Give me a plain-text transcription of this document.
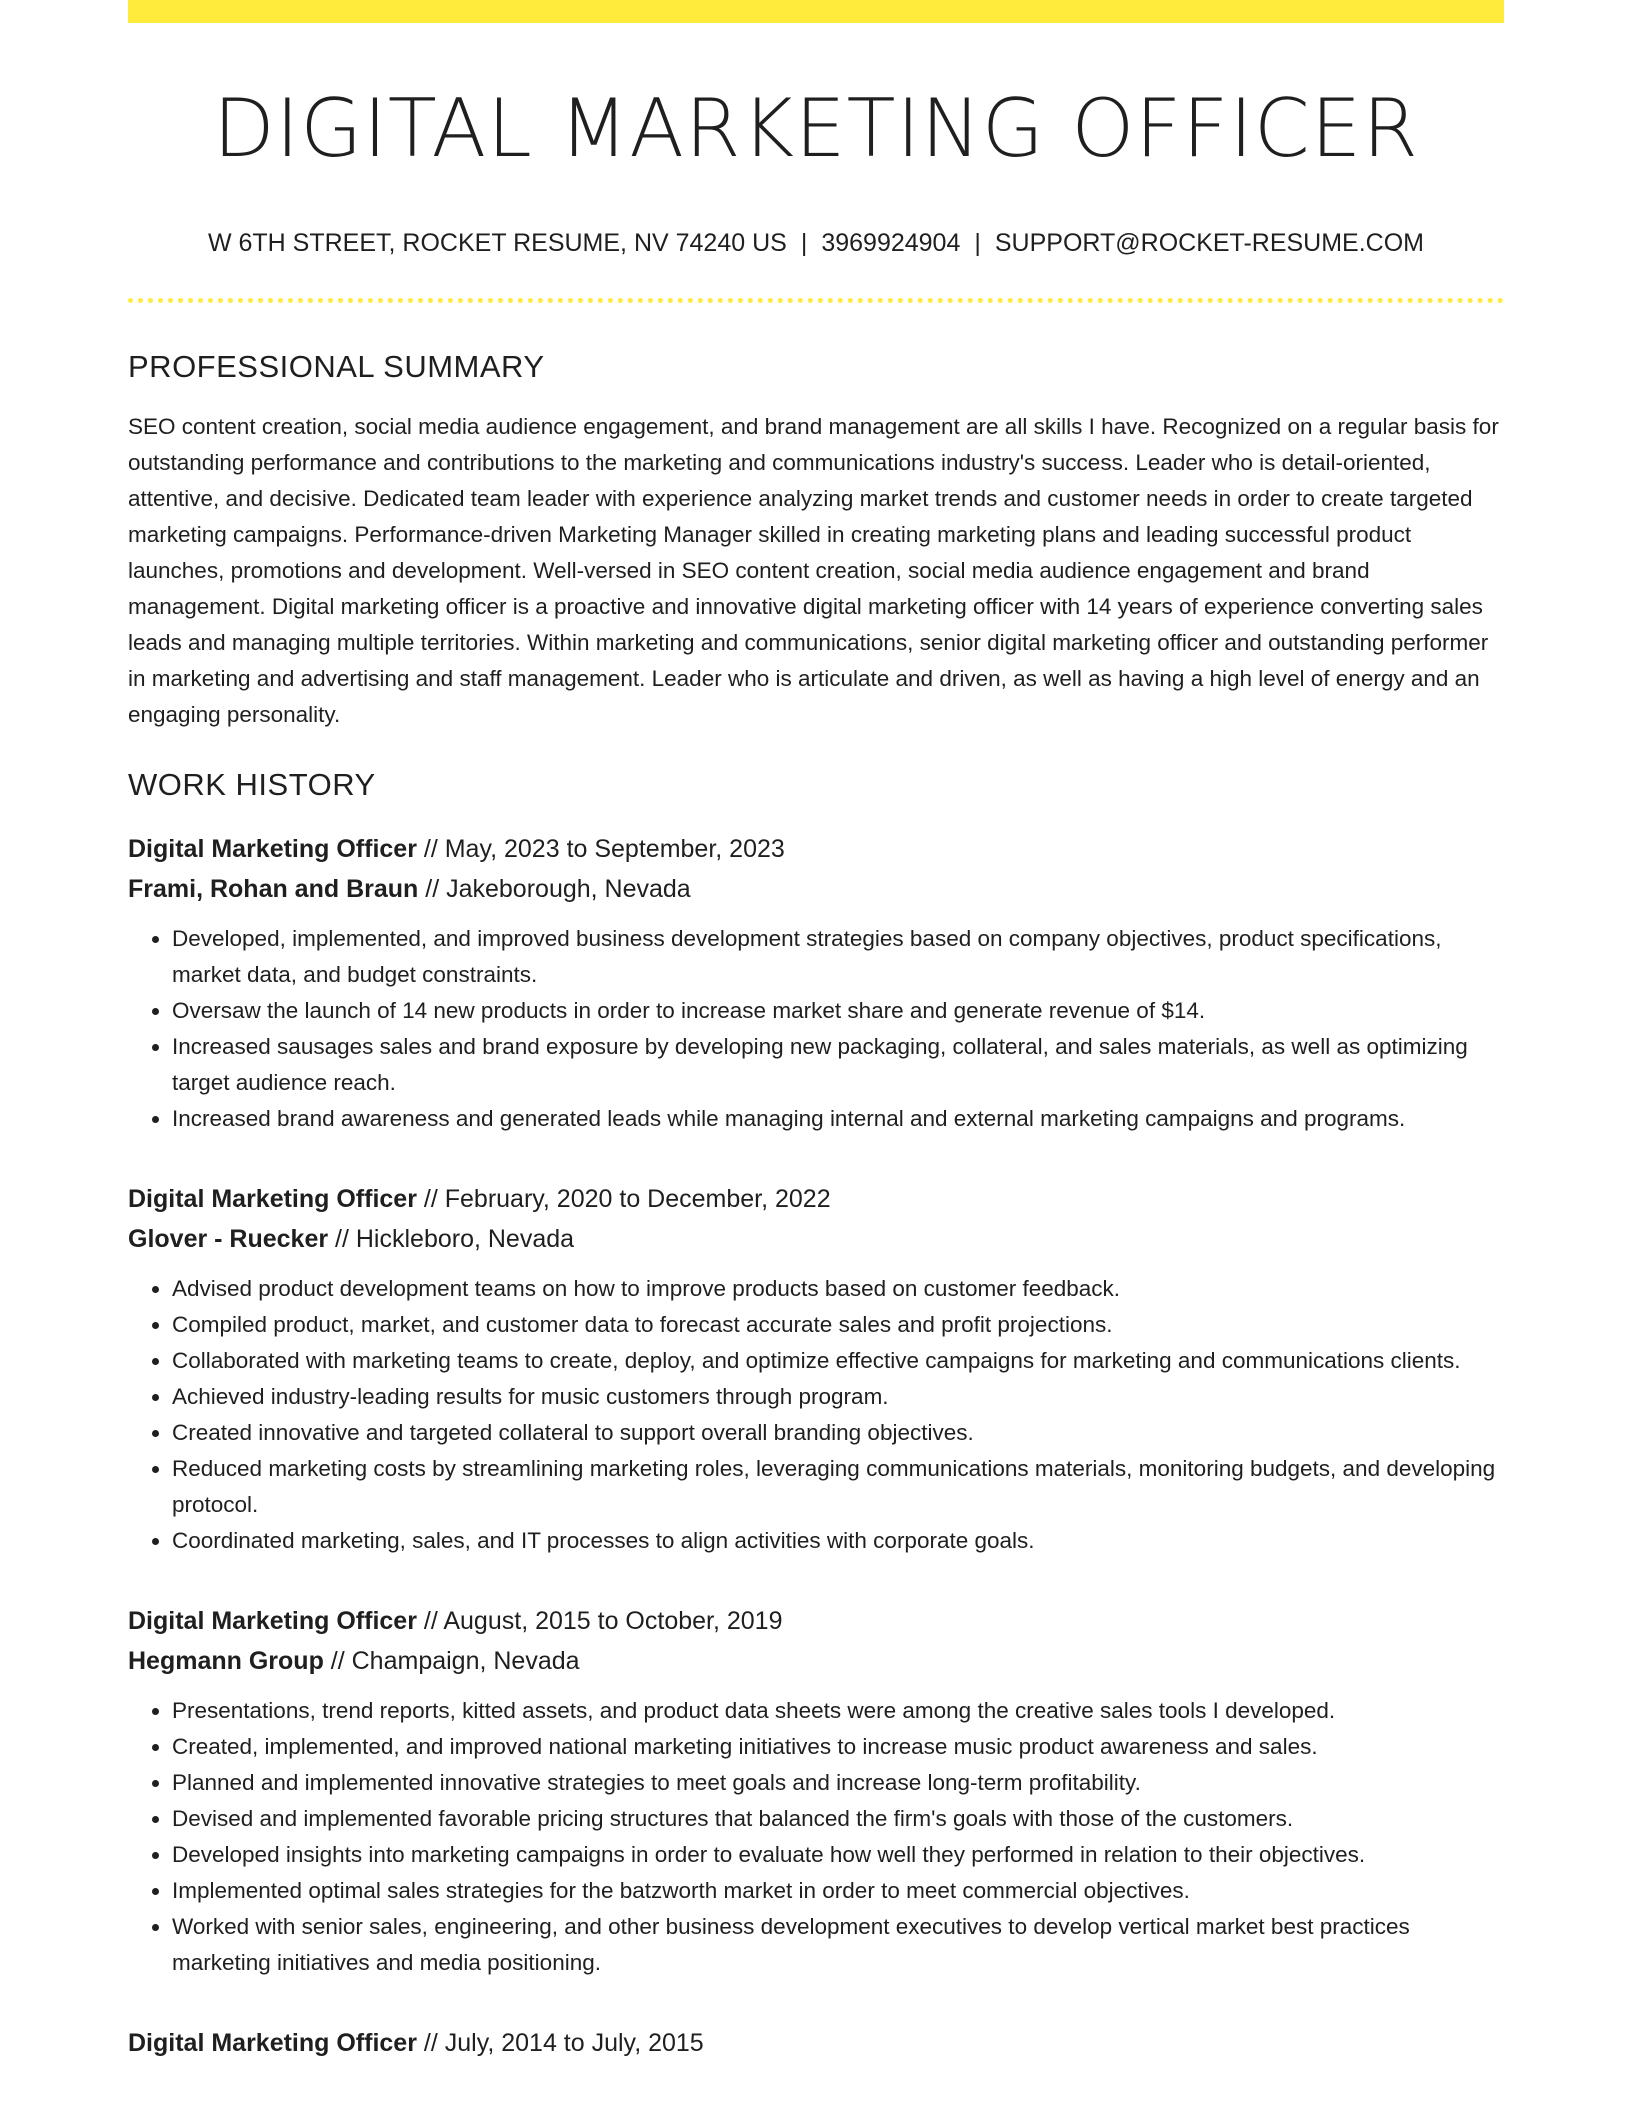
DIGITAL MARKETING OFFICER
W 6TH STREET, ROCKET RESUME, NV 74240 US | 3969924904 | SUPPORT@ROCKET-RESUME.COM
PROFESSIONAL SUMMARY

SEO content creation, social media audience engagement, and brand management are all skills I have. Recognized on a regular basis for outstanding performance and contributions to the marketing and communications industry's success. Leader who is detail-oriented, attentive, and decisive. Dedicated team leader with experience analyzing market trends and customer needs in order to create targeted marketing campaigns. Performance-driven Marketing Manager skilled in creating marketing plans and leading successful product launches, promotions and development. Well-versed in SEO content creation, social media audience engagement and brand management. Digital marketing officer is a proactive and innovative digital marketing officer with 14 years of experience converting sales leads and managing multiple territories. Within marketing and communications, senior digital marketing officer and outstanding performer in marketing and advertising and staff management. Leader who is articulate and driven, as well as having a high level of energy and an engaging personality.

WORK HISTORY
Digital Marketing Officer // May, 2023 to September, 2023
Frami, Rohan and Braun // Jakeborough, Nevada
• Developed, implemented, and improved business development strategies based on company objectives, product specifications, market data, and budget constraints.
• Oversaw the launch of 14 new products in order to increase market share and generate revenue of $14.
• Increased sausages sales and brand exposure by developing new packaging, collateral, and sales materials, as well as optimizing target audience reach.
• Increased brand awareness and generated leads while managing internal and external marketing campaigns and programs.
Digital Marketing Officer // February, 2020 to December, 2022
Glover - Ruecker // Hickleboro, Nevada
• Advised product development teams on how to improve products based on customer feedback.
• Compiled product, market, and customer data to forecast accurate sales and profit projections.
• Collaborated with marketing teams to create, deploy, and optimize effective campaigns for marketing and communications clients.
• Achieved industry-leading results for music customers through program.
• Created innovative and targeted collateral to support overall branding objectives.
• Reduced marketing costs by streamlining marketing roles, leveraging communications materials, monitoring budgets, and developing protocol.
• Coordinated marketing, sales, and IT processes to align activities with corporate goals.
Digital Marketing Officer // August, 2015 to October, 2019
Hegmann Group // Champaign, Nevada
• Presentations, trend reports, kitted assets, and product data sheets were among the creative sales tools I developed.
• Created, implemented, and improved national marketing initiatives to increase music product awareness and sales.
• Planned and implemented innovative strategies to meet goals and increase long-term profitability.
• Devised and implemented favorable pricing structures that balanced the firm's goals with those of the customers.
• Developed insights into marketing campaigns in order to evaluate how well they performed in relation to their objectives.
• Implemented optimal sales strategies for the batzworth market in order to meet commercial objectives.
• Worked with senior sales, engineering, and other business development executives to develop vertical market best practices marketing initiatives and media positioning.
Digital Marketing Officer // July, 2014 to July, 2015
